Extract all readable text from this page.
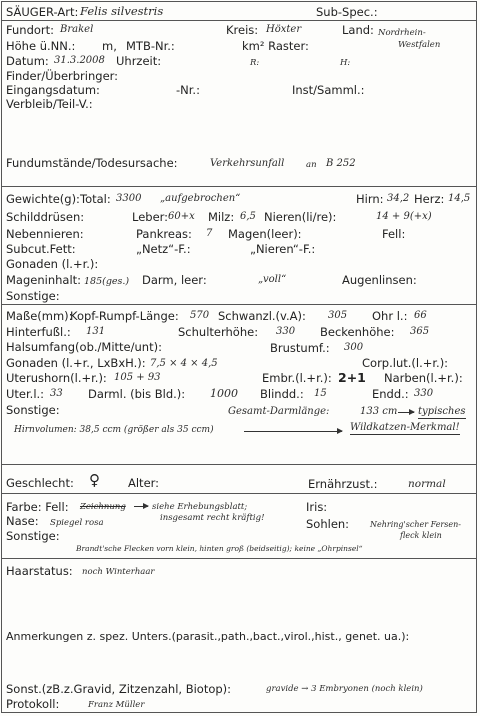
SÄUGER-Art: Felis silvestris	Sub-Spec.:
Fundort: Brakel	Kreis: Höxter	Land: Nordrhein-
Westfalen
Höhe ü.NN.: m, MTB-Nr.:	km² Raster:
Datum: 31.3.2008 Uhrzeit:	R:	H:
Finder/Überbringer:
Eingangsdatum:	-Nr.:	Inst/Samml.:
Verbleib/Teil-V.:
Fundumstände/Todesursache:	Verkehrsunfall	an B 252
Gewichte(g): Total: 3300 „aufgebrochen“	Hirn: 34,2 Herz: 14,5
Schilddrüsen:	Leber: 60+x Milz: 6,5 Nieren(li/re):	14 + 9(+x)
Nebennieren:	Pankreas: 7 Magen(leer):	Fell:
Subcut.Fett:	„Netz“-F.:	„Nieren“-F.:
Gonaden (l.+r.):
Mageninhalt: 185(ges.) Darm, leer:	„voll“	Augenlinsen:
Sonstige:
Maße(mm):
Kopf-Rumpf-Länge: 570 Schwanzl.(v.A): 305 Ohr l.: 66
Hinterfußl.: 131	Schulterhöhe: 330 Beckenhöhe: 365
Halsumfang(ob./Mitte/unt):	Brustumf.: 300
Gonaden (l.+r., LxBxH.): 7,5 × 4 × 4,5	Corp.lut.(l.+r.):
Uterushorn(l.+r.): 105 + 93	Embr.(l.+r.): 2+1 Narben(l.+r.):
Uter.l.: 33 Darml. (bis Bld.): 1000 Blindd.: 15	Endd.: 330
Sonstige:	Gesamt-Darmlänge:	133 cm typisches
Wildkatzen-Merkmal!
Hirnvolumen: 38,5 ccm (größer als 35 ccm)
Geschlecht: ♀ Alter:	Ernährzust.:	normal
Farbe: Fell: Zeichnung	siehe Erhebungsblatt;
insgesamt recht kräftig!
Iris:
Nase: Spiegel rosa	Sohlen:	Nehring'scher Fersen-
fleck klein
Sonstige:
Brandt'sche Flecken vorn klein, hinten groß (beidseitig); keine „Ohrpinsel“
Haarstatus: noch Winterhaar
Anmerkungen z. spez. Unters.(parasit.,path.,bact.,virol.,hist., genet. ua.):
Sonst.(zB.z.Gravid, Zitzenzahl, Biotop):	gravide → 3 Embryonen (noch klein)
Protokoll:	Franz Müller
